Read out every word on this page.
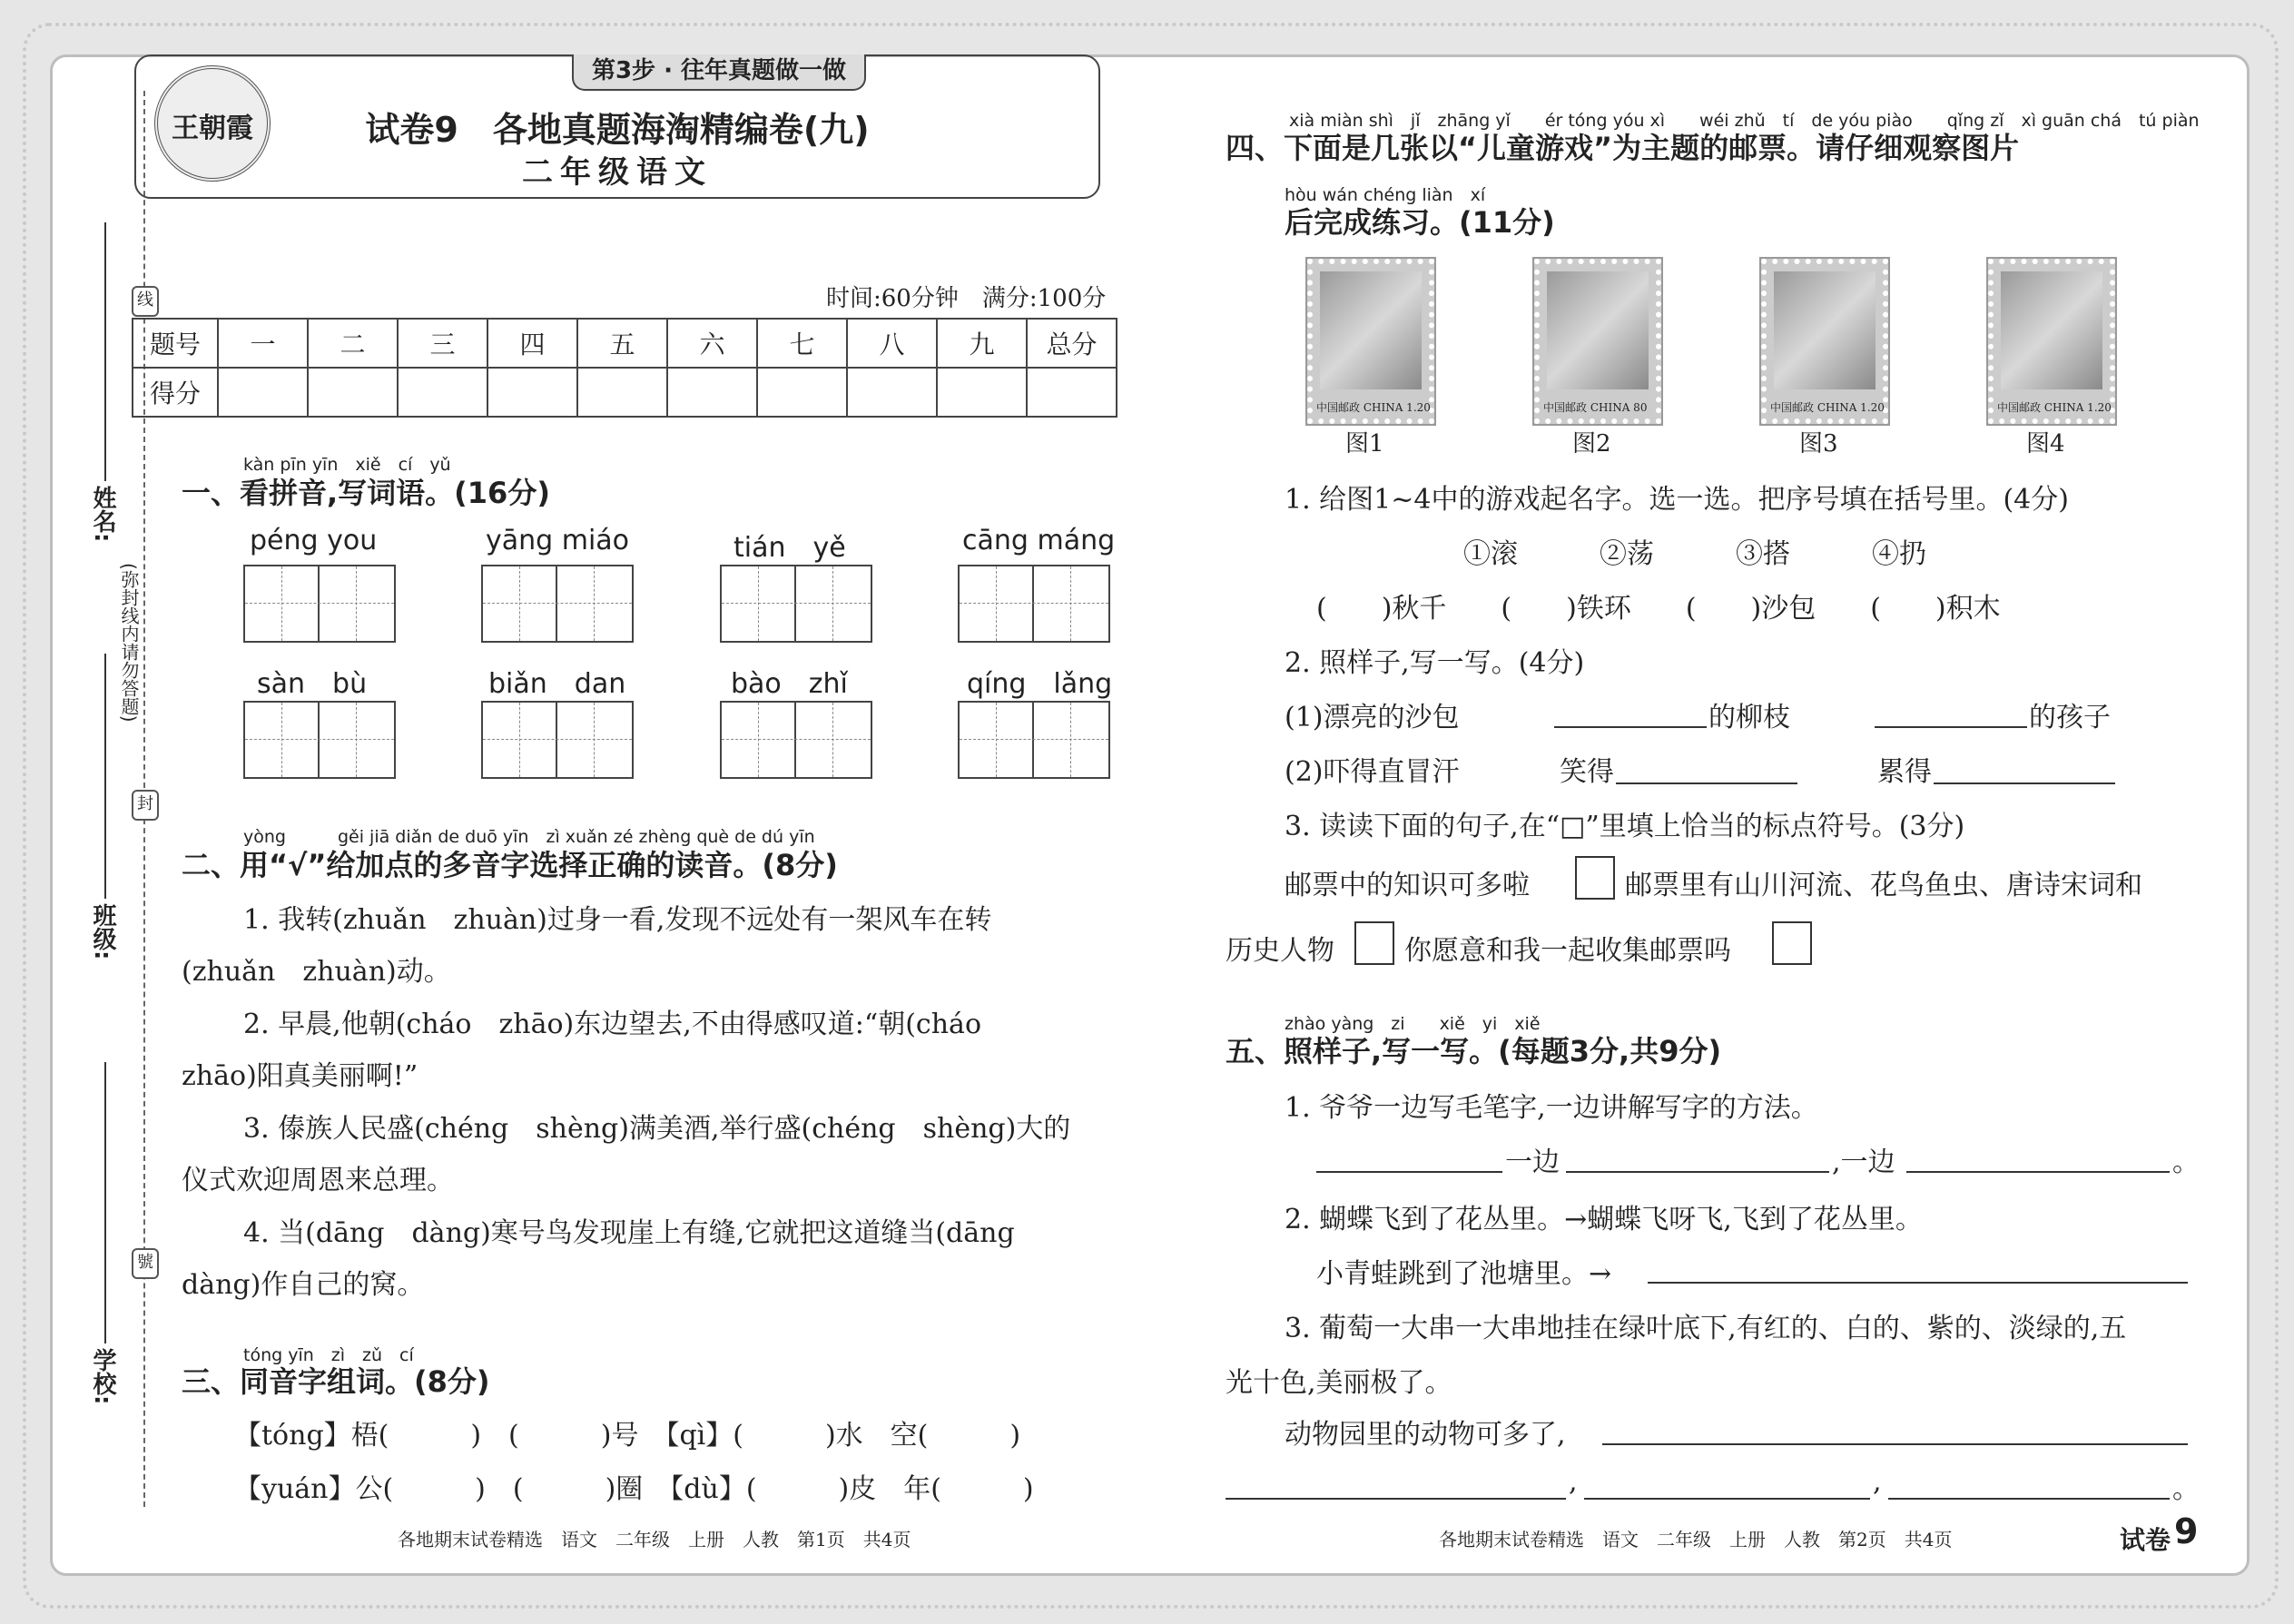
线
封
號
(弥封线内请勿答题)
姓名:
班级:
学校:
第3步 · 往年真题做一做
王朝霞	试卷9　各地真题海淘精编卷(九)
二年级语文
时间:60分钟　满分:100分
题号	一	二	三	四	五	六	七	八	九	总分
得分										
kàn pīn yīn　xiě　cí　yǔ
一、看拼音,写词语。(16分)
péng you	yāng miáo	tián　yě	cāng máng
sàn　bù	biǎn　dan	bào　zhǐ	qíng　lǎng
yòng　　　gěi jiā diǎn de duō yīn　zì xuǎn zé zhèng què de dú yīn
二、用“√”给加点的多音字选择正确的读音。(8分)
1. 我转(zhuǎn　zhuàn)过身一看,发现不远处有一架风车在转
(zhuǎn　zhuàn)动。
2. 早晨,他朝(cháo　zhāo)东边望去,不由得感叹道:“朝(cháo
zhāo)阳真美丽啊!”
3. 傣族人民盛(chéng　shèng)满美酒,举行盛(chéng　shèng)大的
仪式欢迎周恩来总理。
4. 当(dāng　dàng)寒号鸟发现崖上有缝,它就把这道缝当(dāng
dàng)作自己的窝。
tóng yīn　zì　zǔ　cí
三、同音字组词。(8分)
【tóng】梧(　　　)　(　　　)号　【qì】(　　　)水　空(　　　)
【yuán】公(　　　)　(　　　)圈　【dù】(　　　)皮　年(　　　)
xià miàn shì　jǐ　zhāng yǐ　　ér tóng yóu xì　　wéi zhǔ　tí　de yóu piào　　qǐng zǐ　xì guān chá　tú piàn
四、下面是几张以“儿童游戏”为主题的邮票。请仔细观察图片
hòu wán chéng liàn　xí
后完成练习。(11分)
中国邮政 CHINA 1.20	中国邮政 CHINA 80	中国邮政 CHINA 1.20	中国邮政 CHINA 1.20
图1	图2	图3	图4
1. 给图1~4中的游戏起名字。选一选。把序号填在括号里。(4分)
①滚　　　②荡　　　③搭　　　④扔
(　　)秋千　　(　　)铁环　　(　　)沙包　　(　　)积木
2. 照样子,写一写。(4分)
(1)漂亮的沙包	的柳枝	的孩子
(2)吓得直冒汗	笑得	累得
3. 读读下面的句子,在“□”里填上恰当的标点符号。(3分)
邮票中的知识可多啦	邮票里有山川河流、花鸟鱼虫、唐诗宋词和
历史人物	你愿意和我一起收集邮票吗
zhào yàng　zi　　xiě　yi　xiě
五、照样子,写一写。(每题3分,共9分)
1. 爷爷一边写毛笔字,一边讲解写字的方法。
一边	,一边	。
2. 蝴蝶飞到了花丛里。→蝴蝶飞呀飞,飞到了花丛里。
小青蛙跳到了池塘里。→
3. 葡萄一大串一大串地挂在绿叶底下,有红的、白的、紫的、淡绿的,五
光十色,美丽极了。
动物园里的动物可多了,
,	,	。
各地期末试卷精选　语文　二年级　上册　人教　第1页　共4页	各地期末试卷精选　语文　二年级　上册　人教　第2页　共4页	试卷 9
